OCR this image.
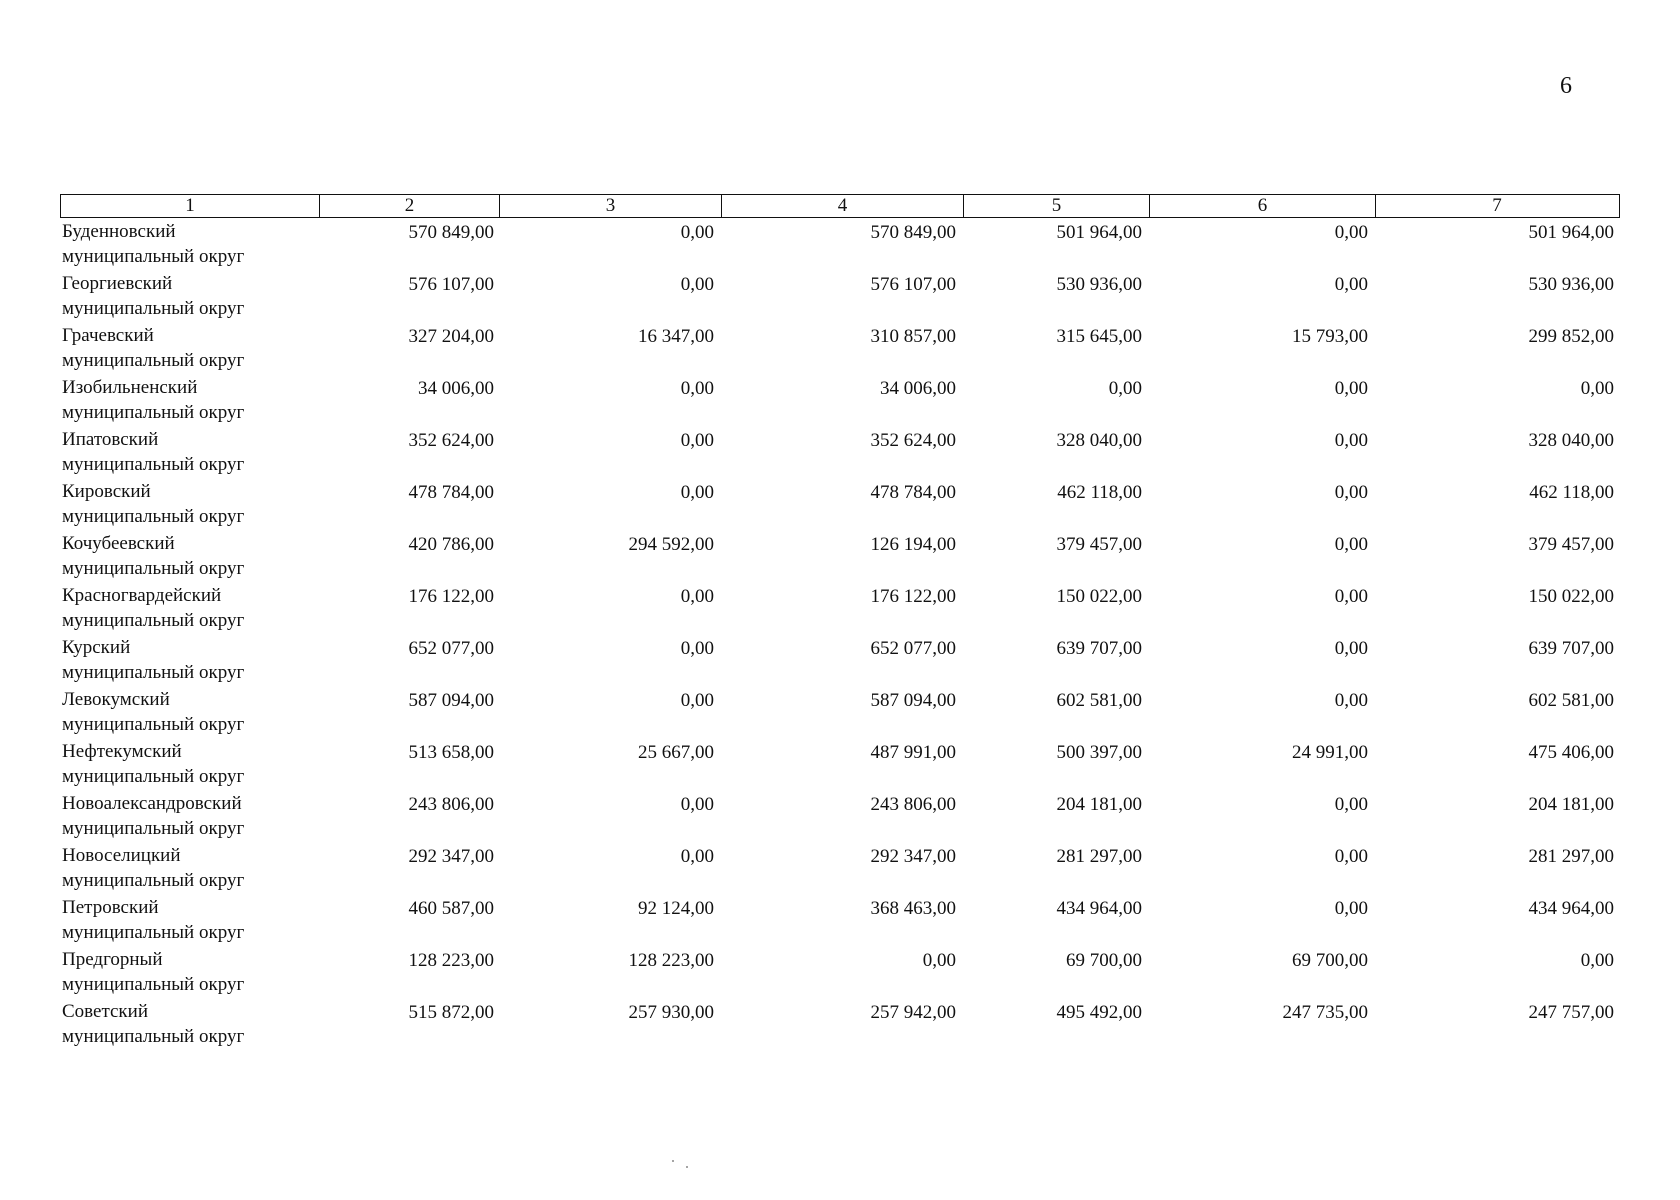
6
1	2	3	4	5	6	7
Буденновский
муниципальный округ
570 849,00	0,00	570 849,00	501 964,00	0,00	501 964,00
Георгиевский
муниципальный округ
576 107,00	0,00	576 107,00	530 936,00	0,00	530 936,00
Грачевский
муниципальный округ
327 204,00	16 347,00	310 857,00	315 645,00	15 793,00	299 852,00
Изобильненский
муниципальный округ
34 006,00	0,00	34 006,00	0,00	0,00	0,00
Ипатовский
муниципальный округ
352 624,00	0,00	352 624,00	328 040,00	0,00	328 040,00
Кировский
муниципальный округ
478 784,00	0,00	478 784,00	462 118,00	0,00	462 118,00
Кочубеевский
муниципальный округ
420 786,00	294 592,00	126 194,00	379 457,00	0,00	379 457,00
Красногвардейский
муниципальный округ
176 122,00	0,00	176 122,00	150 022,00	0,00	150 022,00
Курский
муниципальный округ
652 077,00	0,00	652 077,00	639 707,00	0,00	639 707,00
Левокумский
муниципальный округ
587 094,00	0,00	587 094,00	602 581,00	0,00	602 581,00
Нефтекумский
муниципальный округ
513 658,00	25 667,00	487 991,00	500 397,00	24 991,00	475 406,00
Новоалександровский
муниципальный округ
243 806,00	0,00	243 806,00	204 181,00	0,00	204 181,00
Новоселицкий
муниципальный округ
292 347,00	0,00	292 347,00	281 297,00	0,00	281 297,00
Петровский
муниципальный округ
460 587,00	92 124,00	368 463,00	434 964,00	0,00	434 964,00
Предгорный
муниципальный округ
128 223,00	128 223,00	0,00	69 700,00	69 700,00	0,00
Советский
муниципальный округ
515 872,00	257 930,00	257 942,00	495 492,00	247 735,00	247 757,00
